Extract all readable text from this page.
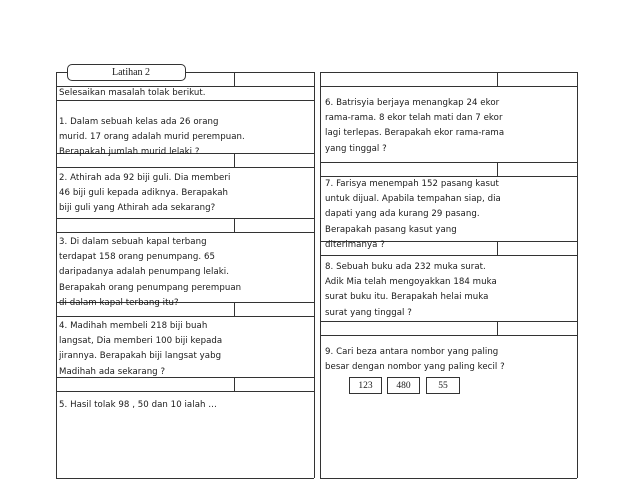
Latihan 2
Selesaikan masalah tolak berikut.
1. Dalam sebuah kelas ada 26 orang
murid. 17 orang adalah murid perempuan.
Berapakah jumlah murid lelaki ?
2. Athirah ada 92 biji guli. Dia memberi
46 biji guli kepada adiknya. Berapakah
biji guli yang Athirah ada sekarang?
3. Di dalam sebuah kapal terbang
terdapat 158 orang penumpang. 65
daripadanya adalah penumpang lelaki.
Berapakah orang penumpang perempuan
di dalam kapal terbang itu?
4. Madihah membeli 218 biji buah
langsat, Dia memberi 100 biji kepada
jirannya. Berapakah biji langsat yabg
Madihah ada sekarang ?
5. Hasil tolak 98 , 50 dan 10 ialah …
6. Batrisyia berjaya menangkap 24 ekor
rama-rama. 8 ekor telah mati dan 7 ekor
lagi terlepas. Berapakah ekor rama-rama
yang tinggal ?
7. Farisya menempah 152 pasang kasut
untuk dijual. Apabila tempahan siap, dia
dapati yang ada kurang 29 pasang.
Berapakah pasang kasut yang
diterimanya ?
8. Sebuah buku ada 232 muka surat.
Adik Mia telah mengoyakkan 184 muka
surat buku itu. Berapakah helai muka
surat yang tinggal ?
9. Cari beza antara nombor yang paling
besar dengan nombor yang paling kecil ?
123	480	55
